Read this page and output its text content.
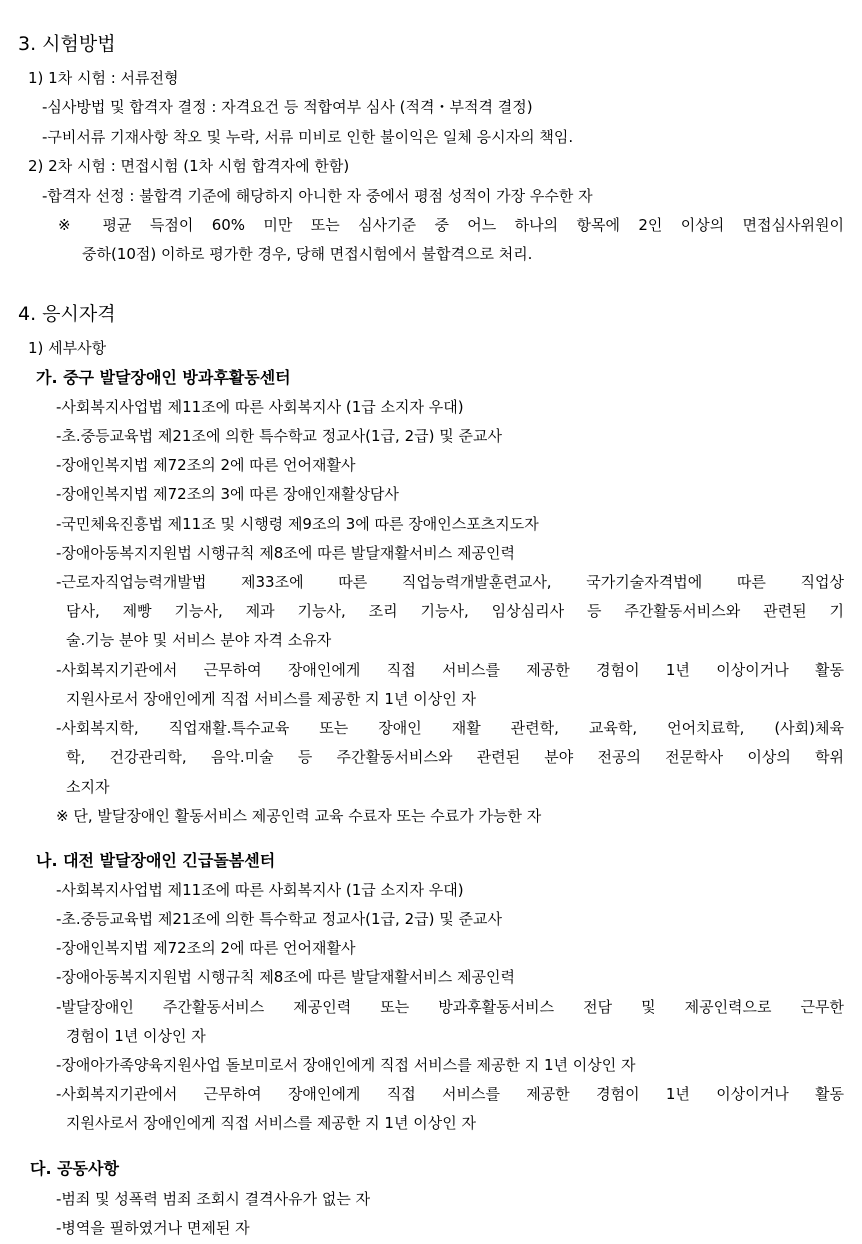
3. 시험방법
1) 1차 시험 : 서류전형
-심사방법 및 합격자 결정 : 자격요건 등 적합여부 심사 (적격・부적격 결정)
-구비서류 기재사항 착오 및 누락, 서류 미비로 인한 불이익은 일체 응시자의 책임.
2) 2차 시험 : 면접시험 (1차 시험 합격자에 한함)
-합격자 선정 : 불합격 기준에 해당하지 아니한 자 중에서 평점 성적이 가장 우수한 자
※ 평균 득점이 60% 미만 또는 심사기준 중 어느 하나의 항목에 2인 이상의 면접심사위원이
중하(10점) 이하로 평가한 경우, 당해 면접시험에서 불합격으로 처리.
4. 응시자격
1) 세부사항
가. 중구 발달장애인 방과후활동센터
-사회복지사업법 제11조에 따른 사회복지사 (1급 소지자 우대)
-초.중등교육법 제21조에 의한 특수학교 정교사(1급, 2급) 및 준교사
-장애인복지법 제72조의 2에 따른 언어재활사
-장애인복지법 제72조의 3에 따른 장애인재활상담사
-국민체육진흥법 제11조 및 시행령 제9조의 3에 따른 장애인스포츠지도자
-장애아동복지지원법 시행규칙 제8조에 따른 발달재활서비스 제공인력
-근로자직업능력개발법 제33조에 따른 직업능력개발훈련교사, 국가기술자격법에 따른 직업상
담사, 제빵 기능사, 제과 기능사, 조리 기능사, 임상심리사 등 주간활동서비스와 관련된 기
술.기능 분야 및 서비스 분야 자격 소유자
-사회복지기관에서 근무하여 장애인에게 직접 서비스를 제공한 경험이 1년 이상이거나 활동
지원사로서 장애인에게 직접 서비스를 제공한 지 1년 이상인 자
-사회복지학, 직업재활.특수교육 또는 장애인 재활 관련학, 교육학, 언어치료학, (사회)체육
학, 건강관리학, 음악.미술 등 주간활동서비스와 관련된 분야 전공의 전문학사 이상의 학위
소지자
※ 단, 발달장애인 활동서비스 제공인력 교육 수료자 또는 수료가 가능한 자
나. 대전 발달장애인 긴급돌봄센터
-사회복지사업법 제11조에 따른 사회복지사 (1급 소지자 우대)
-초.중등교육법 제21조에 의한 특수학교 정교사(1급, 2급) 및 준교사
-장애인복지법 제72조의 2에 따른 언어재활사
-장애아동복지지원법 시행규칙 제8조에 따른 발달재활서비스 제공인력
-발달장애인 주간활동서비스 제공인력 또는 방과후활동서비스 전담 및 제공인력으로 근무한
경험이 1년 이상인 자
-장애아가족양육지원사업 돌보미로서 장애인에게 직접 서비스를 제공한 지 1년 이상인 자
-사회복지기관에서 근무하여 장애인에게 직접 서비스를 제공한 경험이 1년 이상이거나 활동
지원사로서 장애인에게 직접 서비스를 제공한 지 1년 이상인 자
다. 공동사항
-범죄 및 성폭력 범죄 조회시 결격사유가 없는 자
-병역을 필하였거나 면제된 자
